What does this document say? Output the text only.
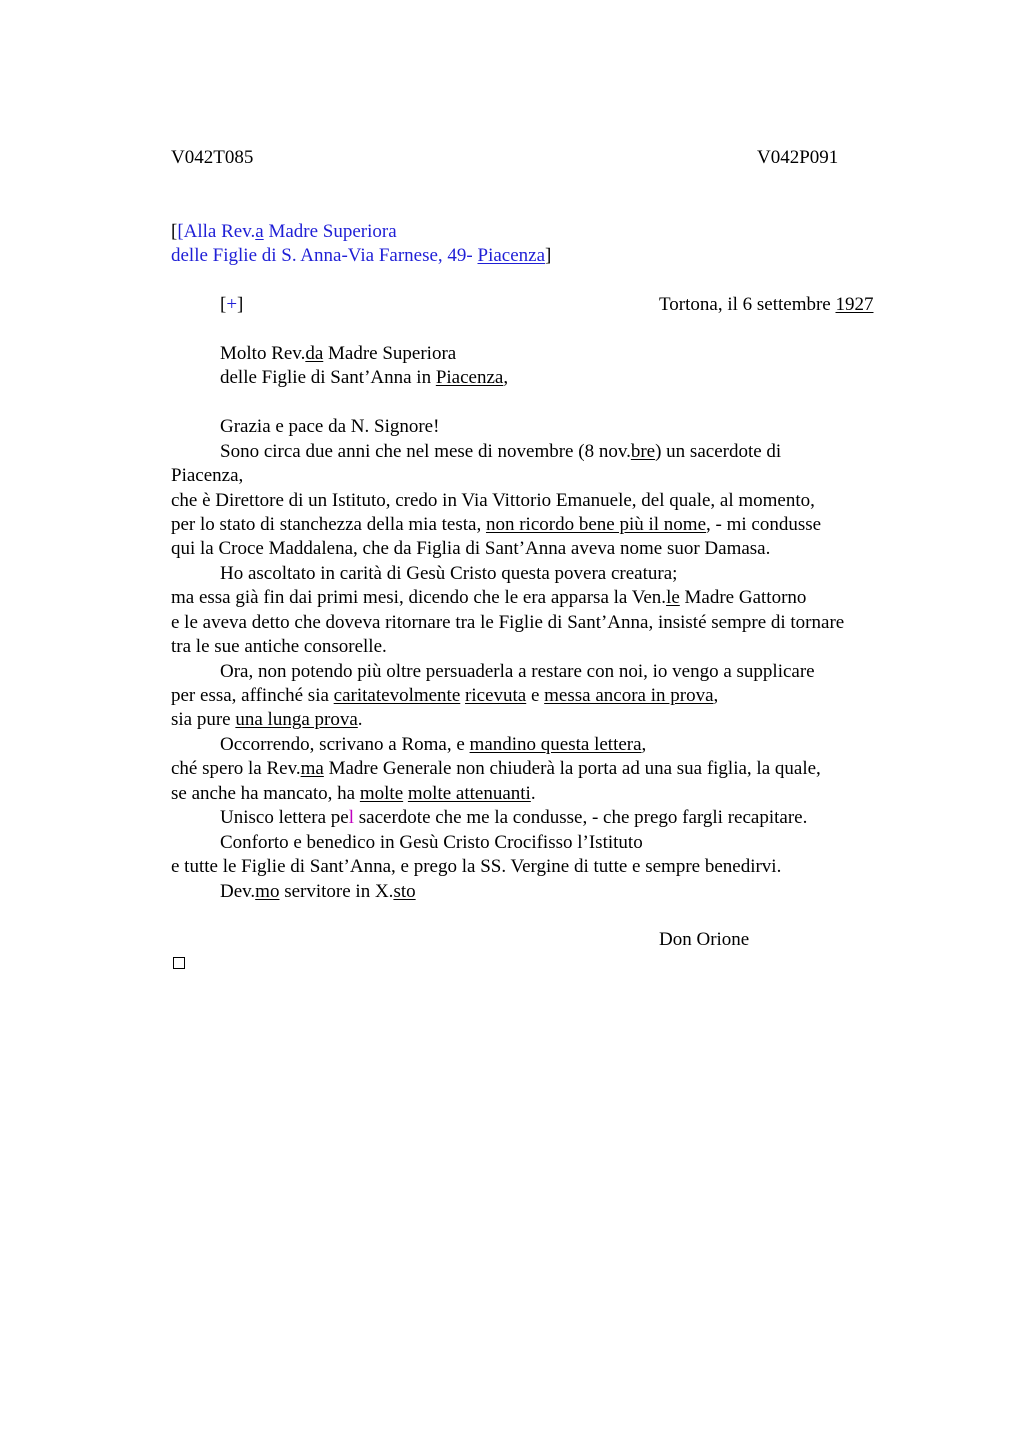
V042T085	V042P091
[[Alla Rev.a Madre Superiora
delle Figlie di S. Anna-Via Farnese, 49- Piacenza]
[+]	Tortona, il 6 settembre 1927
Molto Rev.da Madre Superiora
delle Figlie di Sant’Anna in Piacenza,
Grazia e pace da N. Signore!
Sono circa due anni che nel mese di novembre (8 nov.bre) un sacerdote di
Piacenza,
che è Direttore di un Istituto, credo in Via Vittorio Emanuele, del quale, al momento,
per lo stato di stanchezza della mia testa, non ricordo bene più il nome, - mi condusse
qui la Croce Maddalena, che da Figlia di Sant’Anna aveva nome suor Damasa.
Ho ascoltato in carità di Gesù Cristo questa povera creatura;
ma essa già fin dai primi mesi, dicendo che le era apparsa la Ven.le Madre Gattorno
e le aveva detto che doveva ritornare tra le Figlie di Sant’Anna, insisté sempre di tornare
tra le sue antiche consorelle.
Ora, non potendo più oltre persuaderla a restare con noi, io vengo a supplicare
per essa, affinché sia caritatevolmente ricevuta e messa ancora in prova,
sia pure una lunga prova.
Occorrendo, scrivano a Roma, e mandino questa lettera,
ché spero la Rev.ma Madre Generale non chiuderà la porta ad una sua figlia, la quale,
se anche ha mancato, ha molte molte attenuanti.
Unisco lettera pel sacerdote che me la condusse, - che prego fargli recapitare.
Conforto e benedico in Gesù Cristo Crocifisso l’Istituto
e tutte le Figlie di Sant’Anna, e prego la SS. Vergine di tutte e sempre benedirvi.
Dev.mo servitore in X.sto
Don Orione
